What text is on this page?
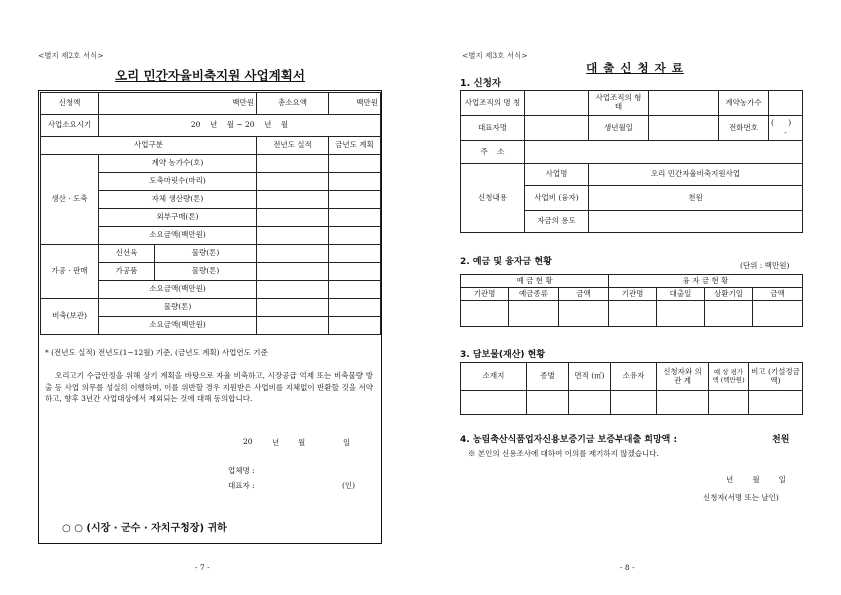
<별지 제2호 서식>
오리 민간자율비축지원 사업계획서
신청액	백만원		총소요액	백만원
사업소요시기	20    년    월 ~ 20    년    월			
사업구분			전년도 실적	금년도 계획
생산 · 도축	계약 농가수(호)			
	도축마릿수(마리)			
	자체 생산량(톤)			
	외부구매(톤)			
	소요금액(백만원)			
가공 · 판매	신선육	물량(톤)		
	가공품	물량(톤)		
	소요금액(백만원)			
비축(보관)	물량(톤)			
	소요금액(백만원)			
* (전년도 실적) 전년도(1~12월) 기준, (금년도 계획) 사업연도 기준
오리고기 수급안정을 위해 상기 계획을 바탕으로 자율 비축하고, 시장공급 억제 또는 비축물량 방출 등 사업 의무를 성실히 이행하며, 이를 위반할 경우 지원받은 사업비를 지체없이 반환할 것을 서약하고, 향후 3년간 사업대상에서 제외되는 것에 대해 동의합니다.
20	년	월	일
업체명 :
대표자 :	(인)
○ ○ (시장 · 군수 · 자치구청장) 귀하
- 7 -
<별지 제3호 서식>
대 출 신 청 자 료
1. 신청자
사업조직의 명 칭		사업조직의 형 태		계약농가수	
대표자명		생년월일		전화번호	(      )
-

주    소					
신청내용	사업명	오리 민간자율비축지원사업			
	사업비 (융자)	천원			
	자금의 용도				
2. 예금 및 융자금 현황	(단위 : 백만원)
예 금 현 황			융 자 금 현 황			
기관명	예금종류	금액	기관명	대출일	상환기일	금액

3. 담보물(재산) 현황
소재지	종별	면적 (㎡)	소유자	신청자와 의 관 계	예 상 평가액 (백만원)	비고 (기설정금액)

4. 농림축산식품업자신용보증기금 보증부대출 희망액 :	천원
※ 본인의 신용조사에 대하여 이의를 제기하지 않겠습니다.
년        월        일
신청자(서명 또는 날인)
- 8 -
